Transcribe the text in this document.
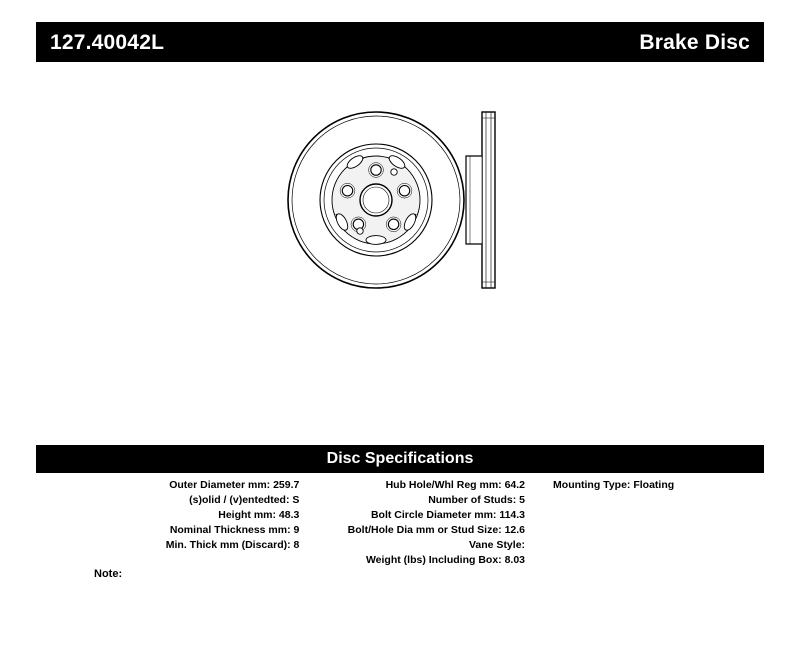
127.40042L	Brake Disc
Disc Specifications
Outer Diameter mm: 259.7
(s)olid / (v)entedted: S
Height mm: 48.3
Nominal Thickness mm: 9
Min. Thick mm (Discard): 8
Hub Hole/Whl Reg mm: 64.2
Number of Studs: 5
Bolt Circle Diameter mm: 114.3
Bolt/Hole Dia mm or Stud Size: 12.6
Vane Style:
Weight (lbs) Including Box: 8.03
Mounting Type: Floating
Note:
